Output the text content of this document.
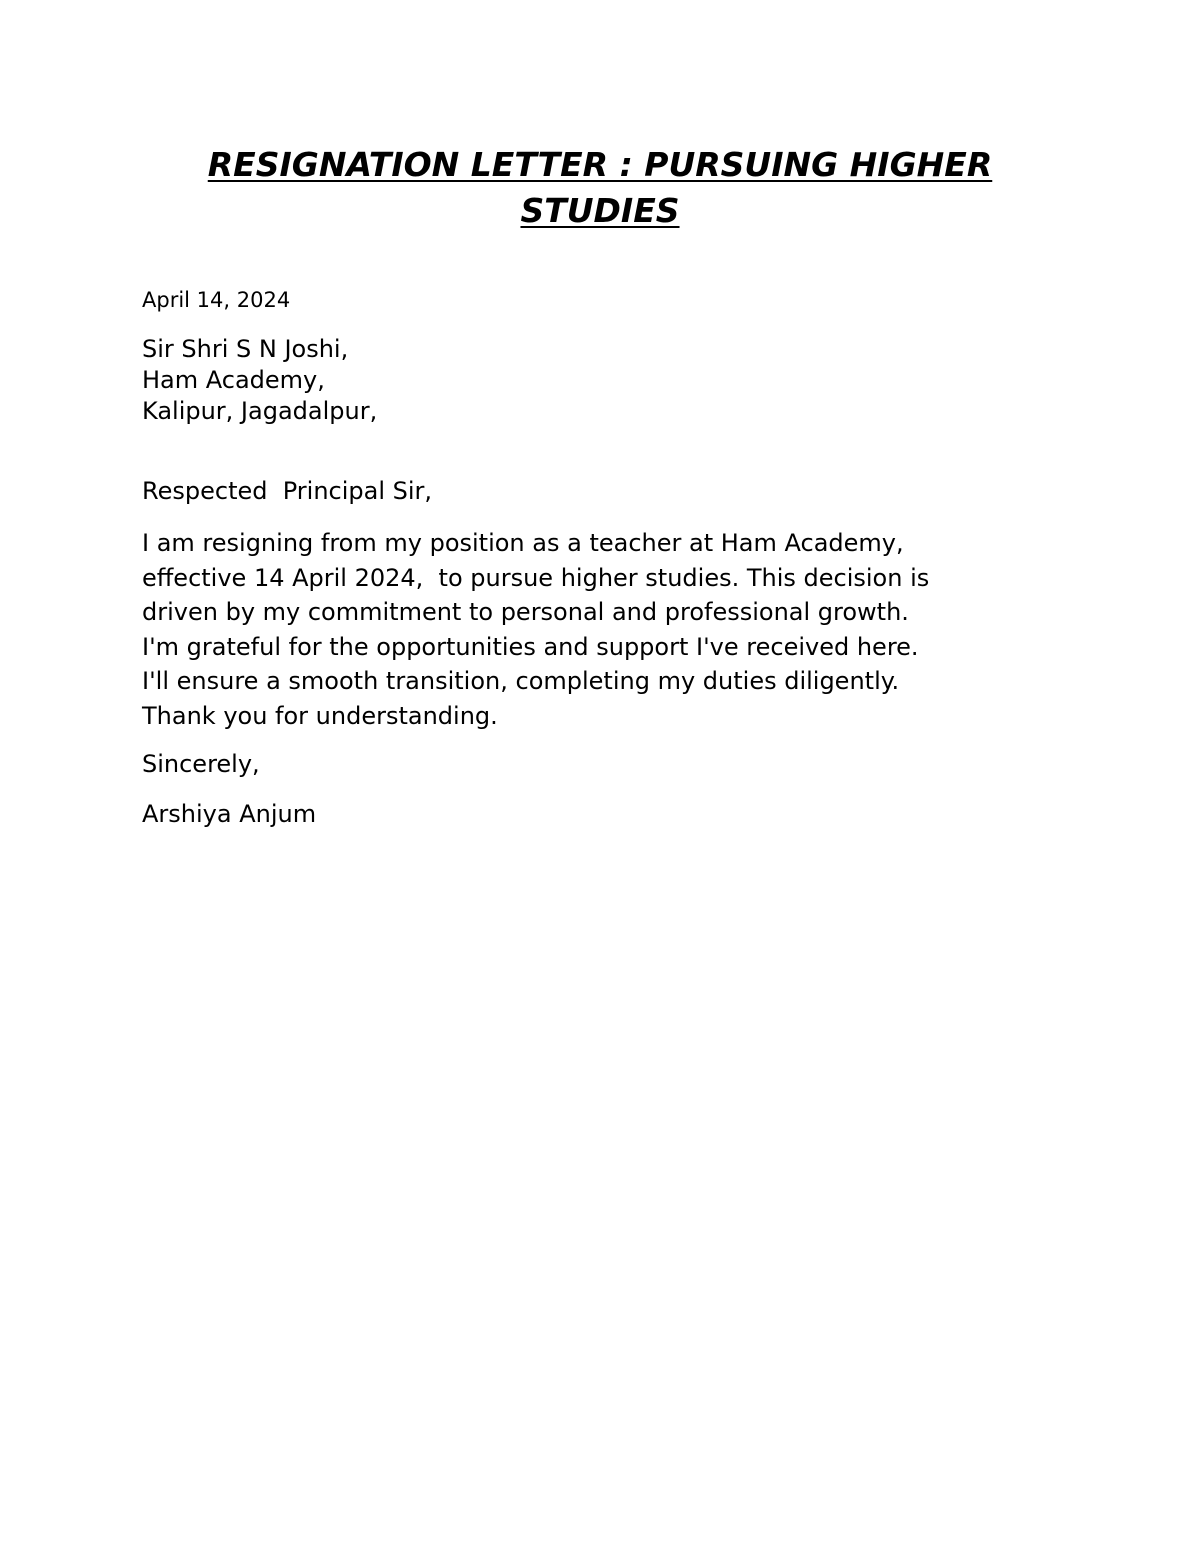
RESIGNATION LETTER : PURSUING HIGHER
STUDIES

April 14, 2024

Sir Shri S N Joshi,
Ham Academy,
Kalipur, Jagadalpur,

Respected  Principal Sir,

I am resigning from my position as a teacher at Ham Academy,
effective 14 April 2024,  to pursue higher studies. This decision is
driven by my commitment to personal and professional growth.
I'm grateful for the opportunities and support I've received here.
I'll ensure a smooth transition, completing my duties diligently.
Thank you for understanding.

Sincerely,

Arshiya Anjum
